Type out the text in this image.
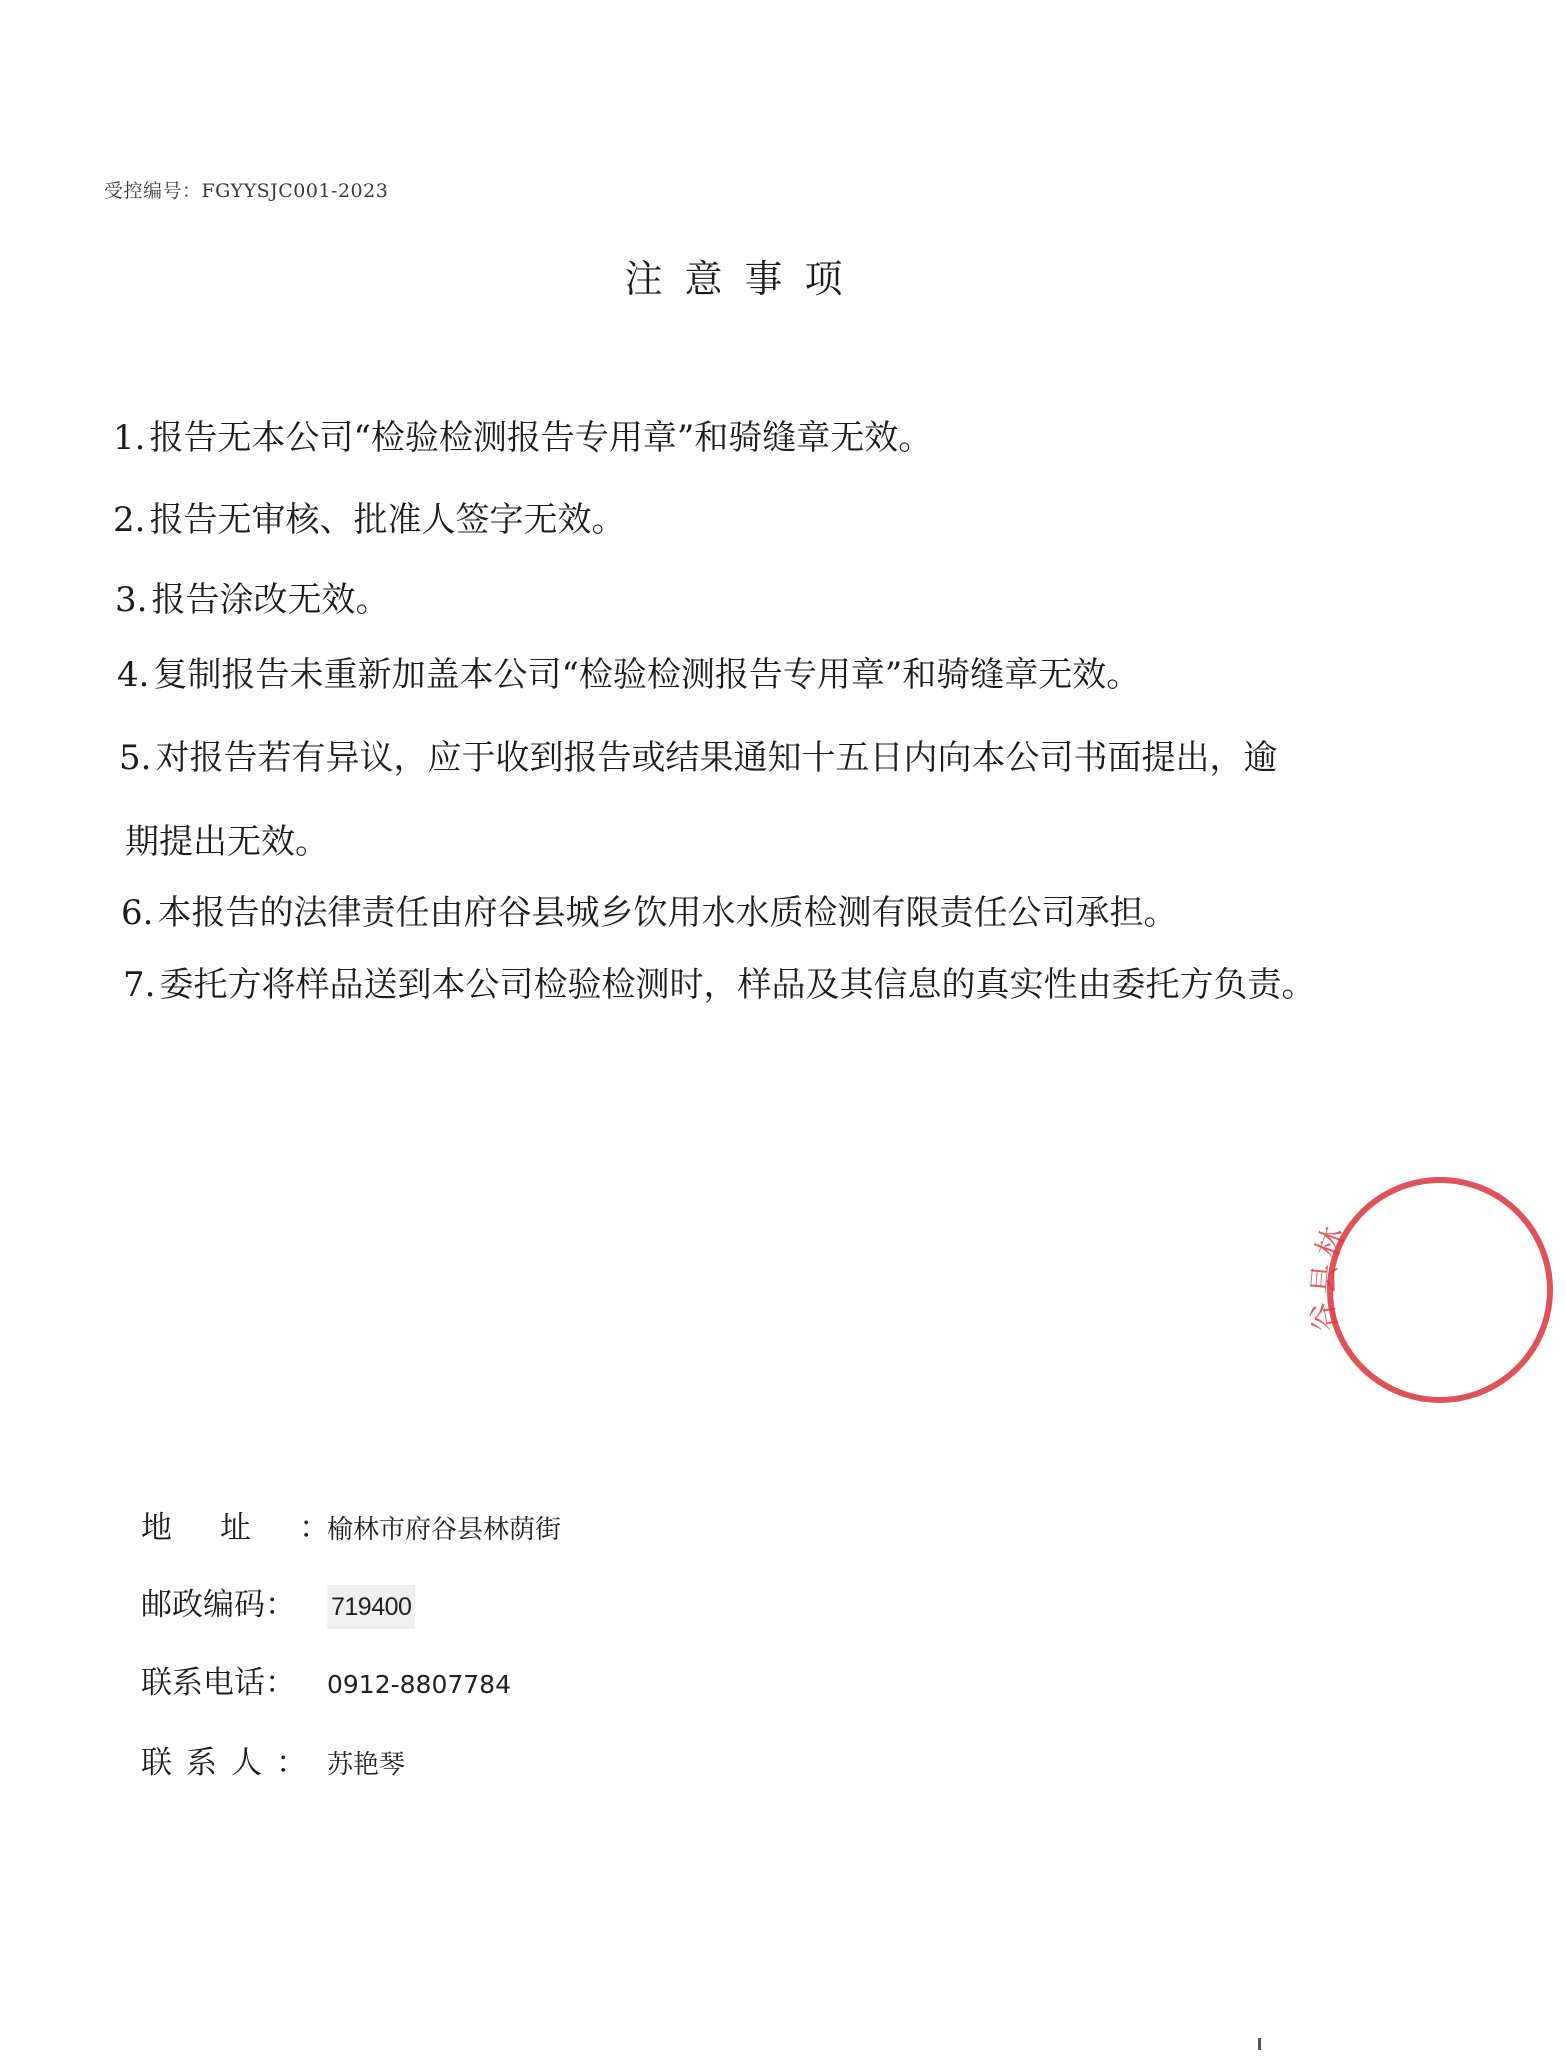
受控编号：FGYYSJC001-2023
注意事项
1. 报告无本公司“检验检测报告专用章”和骑缝章无效。
2. 报告无审核、批准人签字无效。
3. 报告涂改无效。
4. 复制报告未重新加盖本公司“检验检测报告专用章”和骑缝章无效。
5. 对报告若有异议，应于收到报告或结果通知十五日内向本公司书面提出，逾
期提出无效。
6. 本报告的法律责任由府谷县城乡饮用水水质检测有限责任公司承担。
7. 委托方将样品送到本公司检验检测时，样品及其信息的真实性由委托方负责。
地址：榆林市府谷县林荫街
邮政编码： 719400
联系电话： 0912-8807784
联系人： 苏艳琴
林
县
谷
